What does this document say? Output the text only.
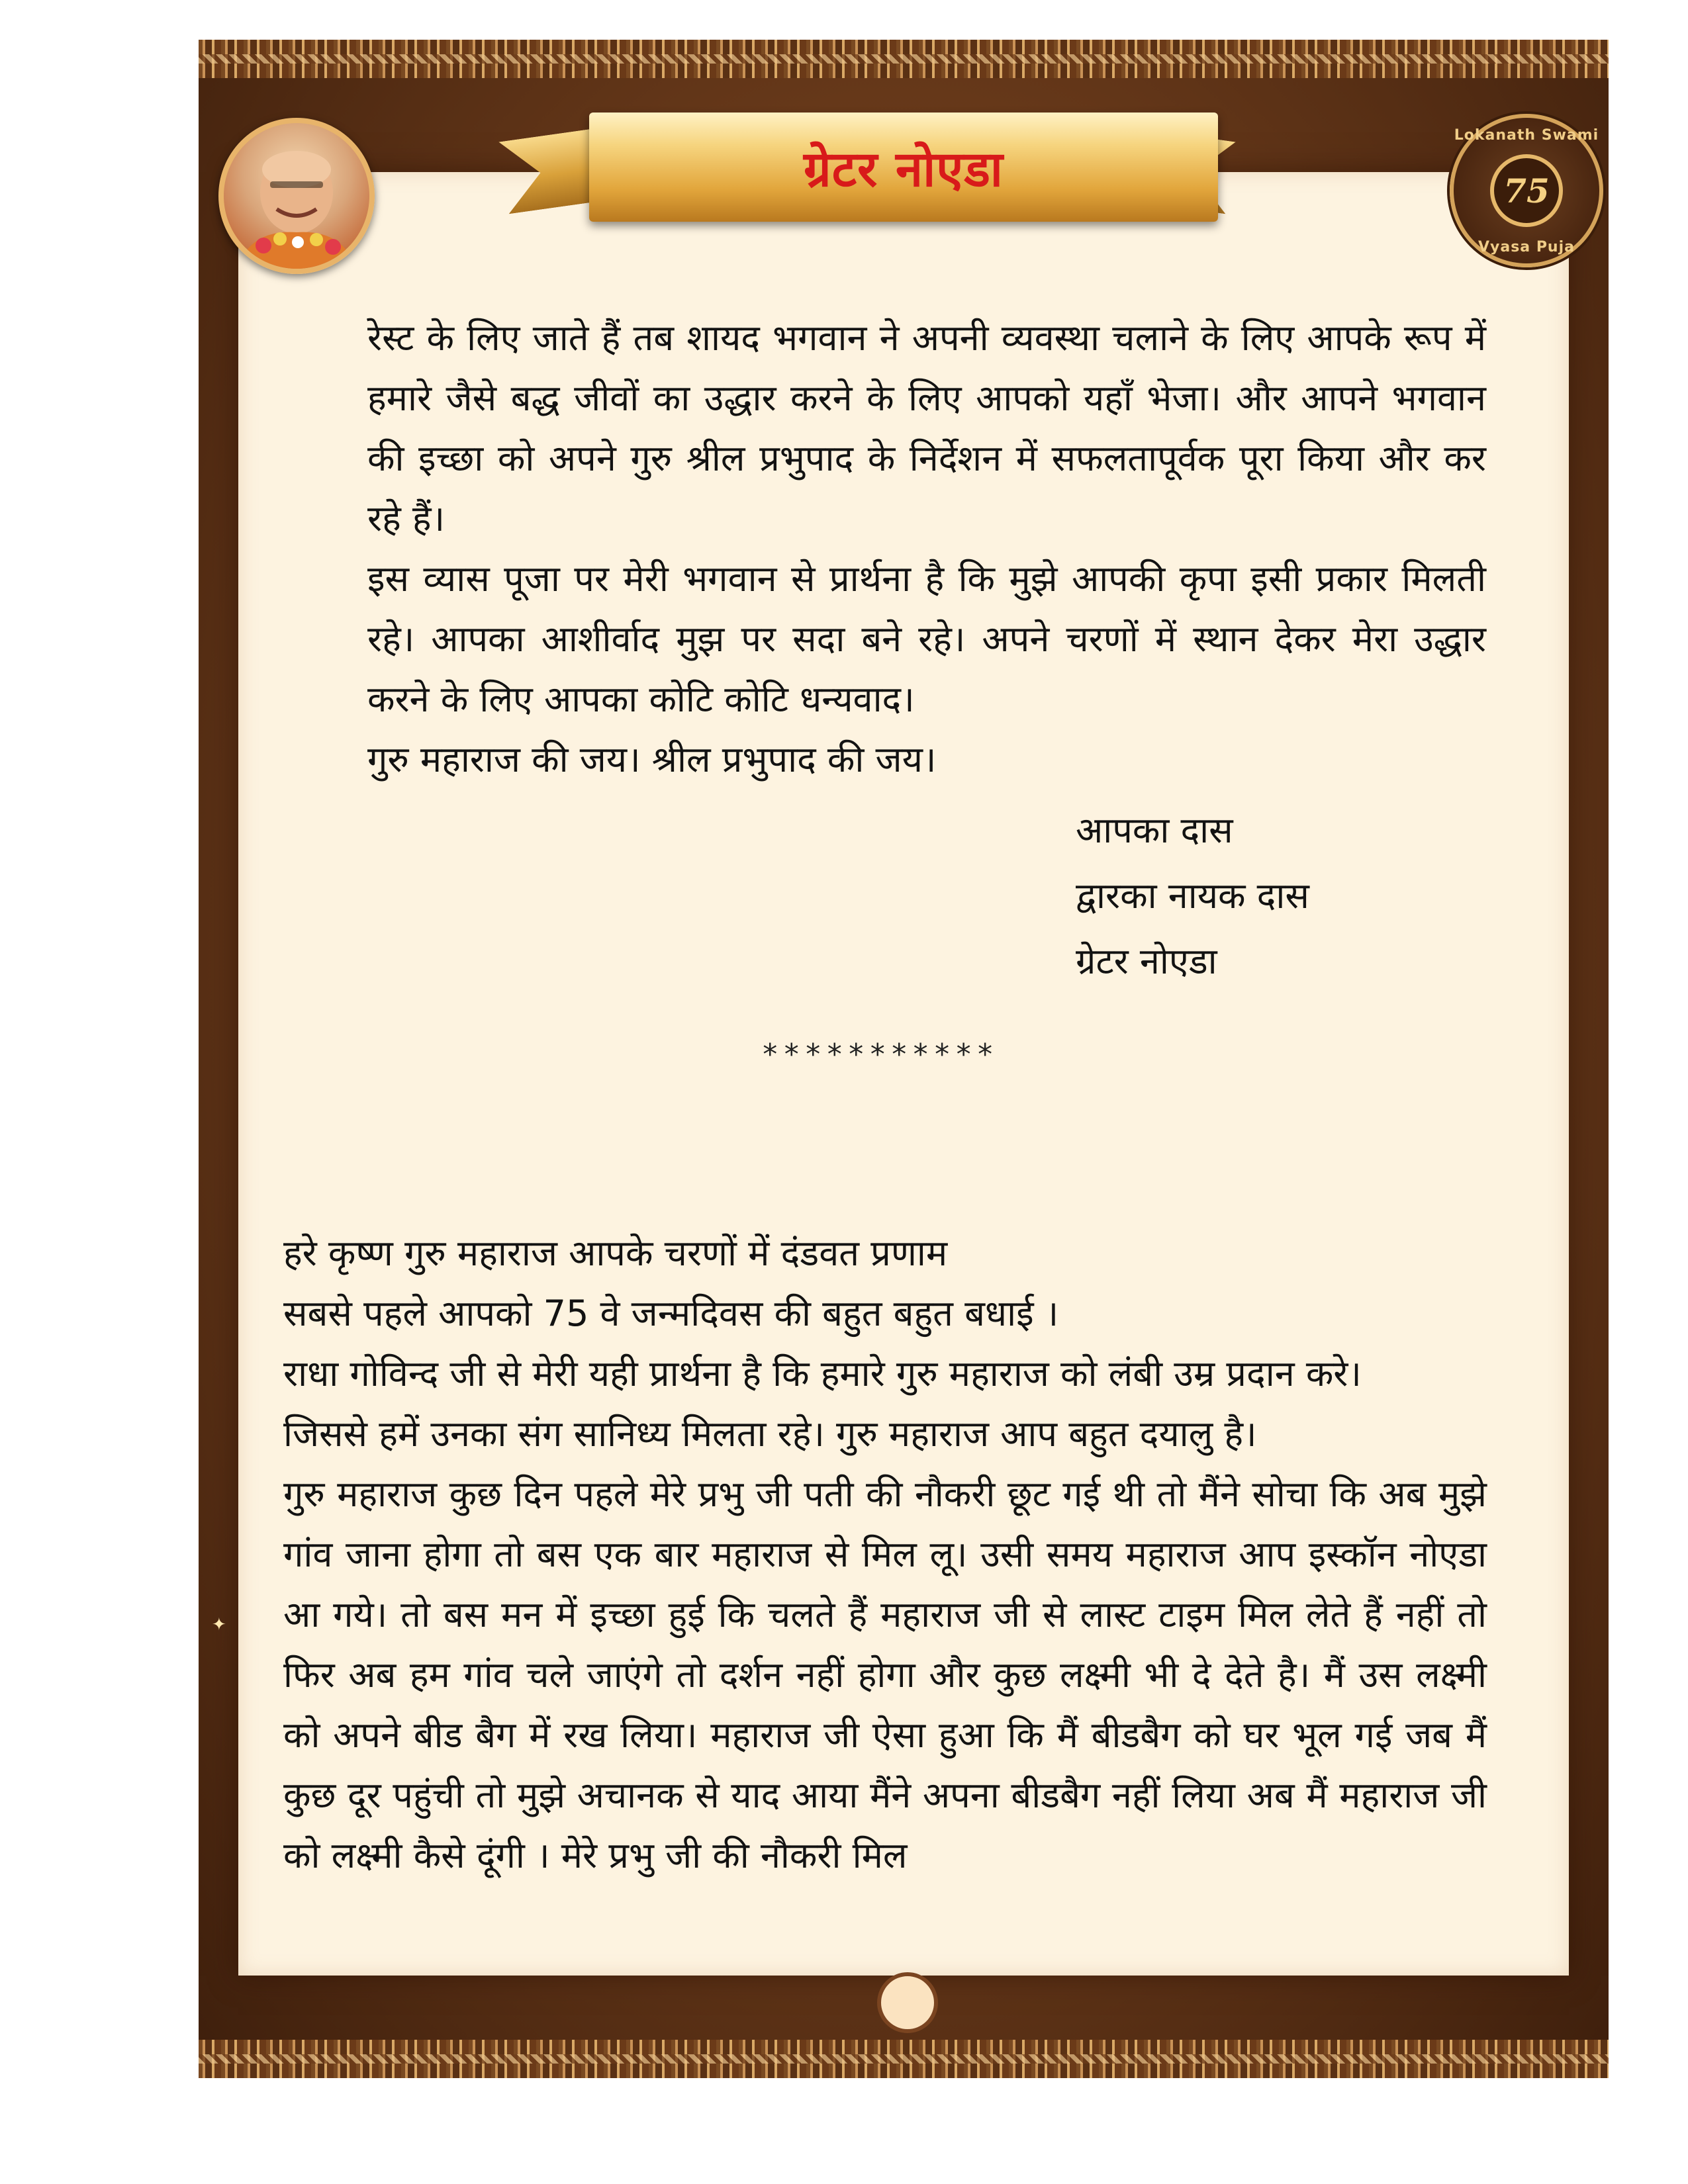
✦
ग्रेटर नोएडा
Lokanath Swami
75
Vyasa Puja

रेस्ट के लिए जाते हैं तब शायद भगवान ने अपनी व्यवस्था चलाने के लिए आपके रूप में हमारे जैसे बद्ध जीवों का उद्धार करने के लिए आपको यहाँ भेजा। और आपने भगवान की इच्छा को अपने गुरु श्रील प्रभुपाद के निर्देशन में सफलतापूर्वक पूरा किया और कर रहे हैं।

इस व्यास पूजा पर मेरी भगवान से प्रार्थना है कि मुझे आपकी कृपा इसी प्रकार मिलती रहे। आपका आशीर्वाद मुझ पर सदा बने रहे। अपने चरणों में स्थान देकर मेरा उद्धार करने के लिए आपका कोटि कोटि धन्यवाद।

गुरु महाराज की जय। श्रील प्रभुपाद की जय।

आपका दास

द्वारका नायक दास

ग्रेटर नोएडा

***********

हरे कृष्ण गुरु महाराज आपके चरणों में दंडवत प्रणाम

सबसे पहले आपको 75 वे जन्मदिवस की बहुत बहुत बधाई ।

राधा गोविन्द जी से मेरी यही प्रार्थना है कि हमारे गुरु महाराज को लंबी उम्र प्रदान करे।

जिससे हमें उनका संग सानिध्य मिलता रहे। गुरु महाराज आप बहुत दयालु है।

गुरु महाराज कुछ दिन पहले मेरे प्रभु जी पती की नौकरी छूट गई थी तो मैंने सोचा कि अब मुझे गांव जाना होगा तो बस एक बार महाराज से मिल लू। उसी समय महाराज आप इस्कॉन नोएडा आ गये। तो बस मन में इच्छा हुई कि चलते हैं महाराज जी से लास्ट टाइम मिल लेते हैं नहीं तो फिर अब हम गांव चले जाएंगे तो दर्शन नहीं होगा और कुछ लक्ष्मी भी दे देते है। मैं उस लक्ष्मी को अपने बीड बैग में रख लिया। महाराज जी ऐसा हुआ कि मैं बीडबैग को घर भूल गई जब मैं कुछ दूर पहुंची तो मुझे अचानक से याद आया मैंने अपना बीडबैग नहीं लिया अब मैं महाराज जी को लक्ष्मी कैसे दूंगी । मेरे प्रभु जी की नौकरी मिल
